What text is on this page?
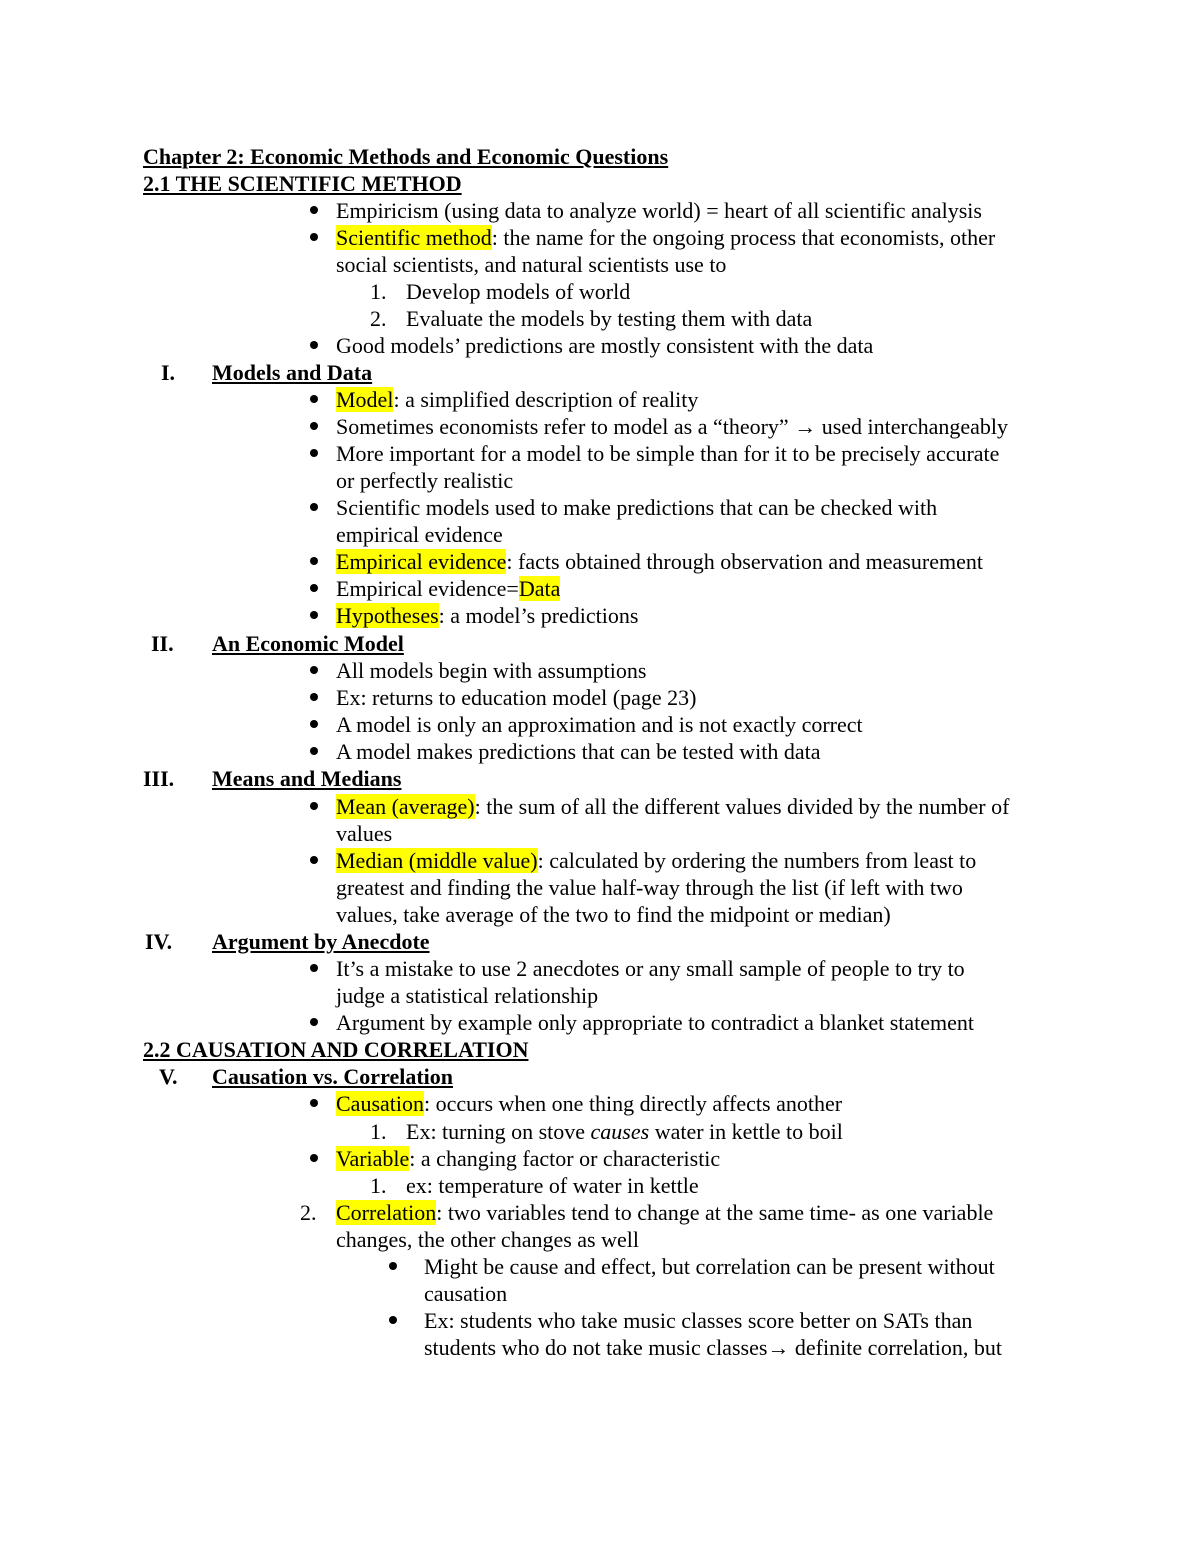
Chapter 2: Economic Methods and Economic Questions
2.1 THE SCIENTIFIC METHOD
Empiricism (using data to analyze world) = heart of all scientific analysis
Scientific method: the name for the ongoing process that economists, other
social scientists, and natural scientists use to
1. Develop models of world
2. Evaluate the models by testing them with data
Good models’ predictions are mostly consistent with the data
I. Models and Data
Model: a simplified description of reality
Sometimes economists refer to model as a “theory” → used interchangeably
More important for a model to be simple than for it to be precisely accurate
or perfectly realistic
Scientific models used to make predictions that can be checked with
empirical evidence
Empirical evidence: facts obtained through observation and measurement
Empirical evidence=Data
Hypotheses: a model’s predictions
II. An Economic Model
All models begin with assumptions
Ex: returns to education model (page 23)
A model is only an approximation and is not exactly correct
A model makes predictions that can be tested with data
III. Means and Medians
Mean (average): the sum of all the different values divided by the number of
values
Median (middle value): calculated by ordering the numbers from least to
greatest and finding the value half-way through the list (if left with two
values, take average of the two to find the midpoint or median)
IV. Argument by Anecdote
It’s a mistake to use 2 anecdotes or any small sample of people to try to
judge a statistical relationship
Argument by example only appropriate to contradict a blanket statement
2.2 CAUSATION AND CORRELATION
V. Causation vs. Correlation
Causation: occurs when one thing directly affects another
1. Ex: turning on stove causes water in kettle to boil
Variable: a changing factor or characteristic
1. ex: temperature of water in kettle
2. Correlation: two variables tend to change at the same time- as one variable
changes, the other changes as well
Might be cause and effect, but correlation can be present without
causation
Ex: students who take music classes score better on SATs than
students who do not take music classes→ definite correlation, but
